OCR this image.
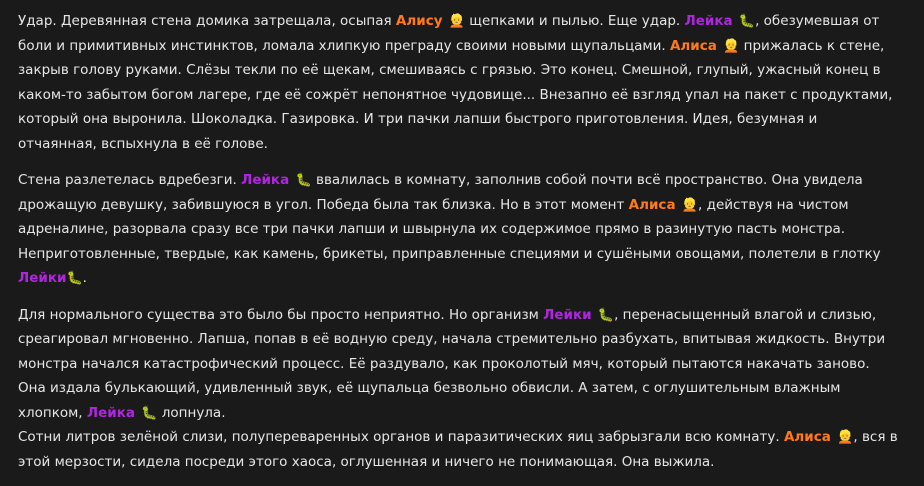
Удар. Деревянная стена домика затрещала, осыпая Алису 👱 щепками и пылью. Еще удар. Лейка 🐛, обезумевшая от боли и примитивных инстинктов, ломала хлипкую преграду своими новыми щупальцами. Алиса 👱 прижалась к стене, закрыв голову руками. Слёзы текли по её щекам, смешиваясь с грязью. Это конец. Смешной, глупый, ужасный конец в каком-то забытом богом лагере, где её сожрёт непонятное чудовище... Внезапно её взгляд упал на пакет с продуктами, который она выронила. Шоколадка. Газировка. И три пачки лапши быстрого приготовления. Идея, безумная и отчаянная, вспыхнула в её голове.

Стена разлетелась вдребезги. Лейка 🐛 ввалилась в комнату, заполнив собой почти всё пространство. Она увидела дрожащую девушку, забившуюся в угол. Победа была так близка. Но в этот момент Алиса 👱, действуя на чистом адреналине, разорвала сразу все три пачки лапши и швырнула их содержимое прямо в разинутую пасть монстра. Неприготовленные, твердые, как камень, брикеты, приправленные специями и сушёными овощами, полетели в глотку Лейки🐛.

Для нормального существа это было бы просто неприятно. Но организм Лейки 🐛, перенасыщенный влагой и слизью, среагировал мгновенно. Лапша, попав в её водную среду, начала стремительно разбухать, впитывая жидкость. Внутри монстра начался катастрофический процесс. Её раздувало, как проколотый мяч, который пытаются накачать заново. Она издала булькающий, удивленный звук, её щупальца безвольно обвисли. А затем, с оглушительным влажным хлопком, Лейка 🐛 лопнула.
Сотни литров зелёной слизи, полупереваренных органов и паразитических яиц забрызгали всю комнату. Алиса 👱, вся в этой мерзости, сидела посреди этого хаоса, оглушенная и ничего не понимающая. Она выжила.
